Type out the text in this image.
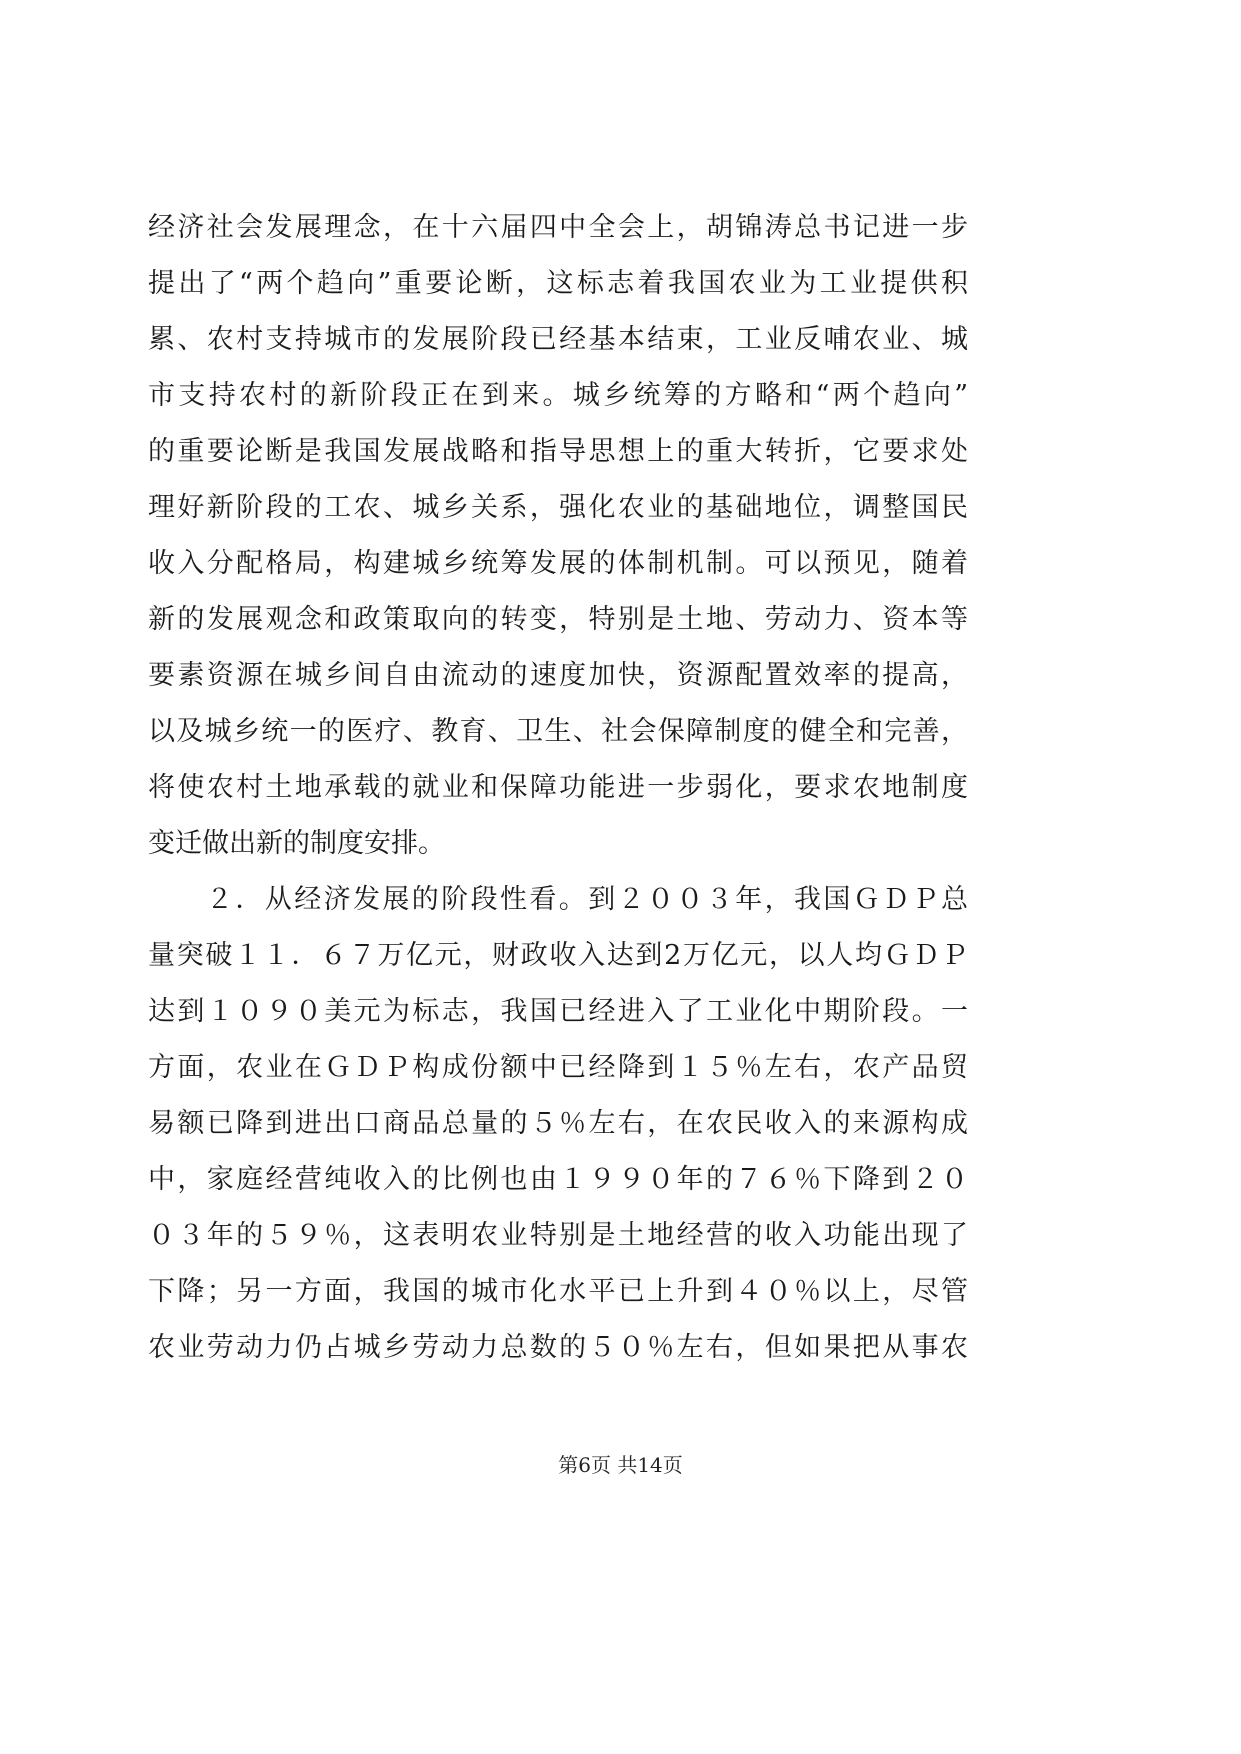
经济社会发展理念，在十六届四中全会上，胡锦涛总书记进一步
提出了“两个趋向”重要论断，这标志着我国农业为工业提供积
累、农村支持城市的发展阶段已经基本结束，工业反哺农业、城
市支持农村的新阶段正在到来。城乡统筹的方略和“两个趋向”
的重要论断是我国发展战略和指导思想上的重大转折，它要求处
理好新阶段的工农、城乡关系，强化农业的基础地位，调整国民
收入分配格局，构建城乡统筹发展的体制机制。可以预见，随着
新的发展观念和政策取向的转变，特别是土地、劳动力、资本等
要素资源在城乡间自由流动的速度加快，资源配置效率的提高，
以及城乡统一的医疗、教育、卫生、社会保障制度的健全和完善，
将使农村土地承载的就业和保障功能进一步弱化，要求农地制度
变迁做出新的制度安排。
２．从经济发展的阶段性看。到２００３年，我国ＧＤＰ总
量突破１１．６７万亿元，财政收入达到2万亿元，以人均ＧＤＰ
达到１０９０美元为标志，我国已经进入了工业化中期阶段。一
方面，农业在ＧＤＰ构成份额中已经降到１５％左右，农产品贸
易额已降到进出口商品总量的５％左右，在农民收入的来源构成
中，家庭经营纯收入的比例也由１９９０年的７６％下降到２０
０３年的５９％，这表明农业特别是土地经营的收入功能出现了
下降；另一方面，我国的城市化水平已上升到４０％以上，尽管
农业劳动力仍占城乡劳动力总数的５０％左右，但如果把从事农
第6页 共14页
